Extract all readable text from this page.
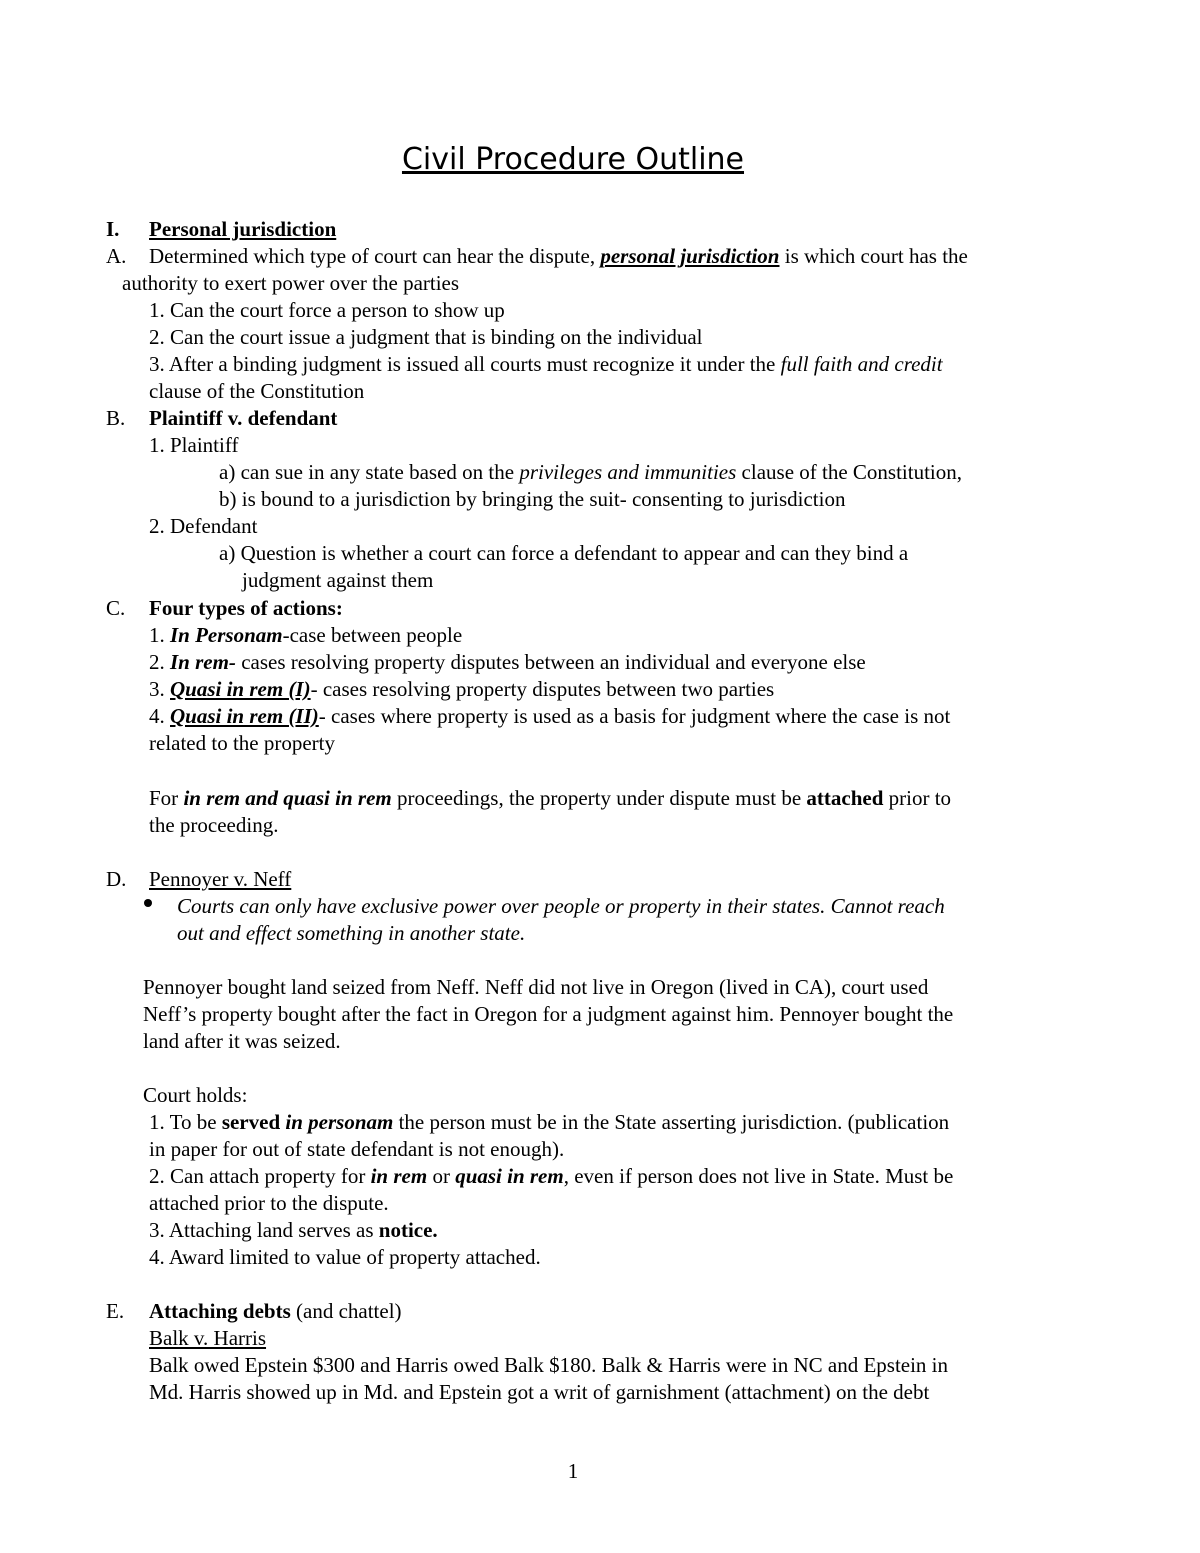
Civil Procedure Outline
I. Personal jurisdiction
A. Determined which type of court can hear the dispute, personal jurisdiction is which court has the
authority to exert power over the parties
1. Can the court force a person to show up
2. Can the court issue a judgment that is binding on the individual
3. After a binding judgment is issued all courts must recognize it under the full faith and credit
clause of the Constitution
B. Plaintiff v. defendant
1. Plaintiff
a) can sue in any state based on the privileges and immunities clause of the Constitution,
b) is bound to a jurisdiction by bringing the suit- consenting to jurisdiction
2. Defendant
a) Question is whether a court can force a defendant to appear and can they bind a
judgment against them
C. Four types of actions:
1. In Personam-case between people
2. In rem- cases resolving property disputes between an individual and everyone else
3. Quasi in rem (I)- cases resolving property disputes between two parties
4. Quasi in rem (II)- cases where property is used as a basis for judgment where the case is not
related to the property
For in rem and quasi in rem proceedings, the property under dispute must be attached prior to
the proceeding.
D. Pennoyer v. Neff
Courts can only have exclusive power over people or property in their states. Cannot reach
out and effect something in another state.
Pennoyer bought land seized from Neff. Neff did not live in Oregon (lived in CA), court used
Neff’s property bought after the fact in Oregon for a judgment against him. Pennoyer bought the
land after it was seized.
Court holds:
1. To be served in personam the person must be in the State asserting jurisdiction. (publication
in paper for out of state defendant is not enough).
2. Can attach property for in rem or quasi in rem, even if person does not live in State. Must be
attached prior to the dispute.
3. Attaching land serves as notice.
4. Award limited to value of property attached.
E. Attaching debts (and chattel)
Balk v. Harris
Balk owed Epstein $300 and Harris owed Balk $180. Balk & Harris were in NC and Epstein in
Md. Harris showed up in Md. and Epstein got a writ of garnishment (attachment) on the debt
1
